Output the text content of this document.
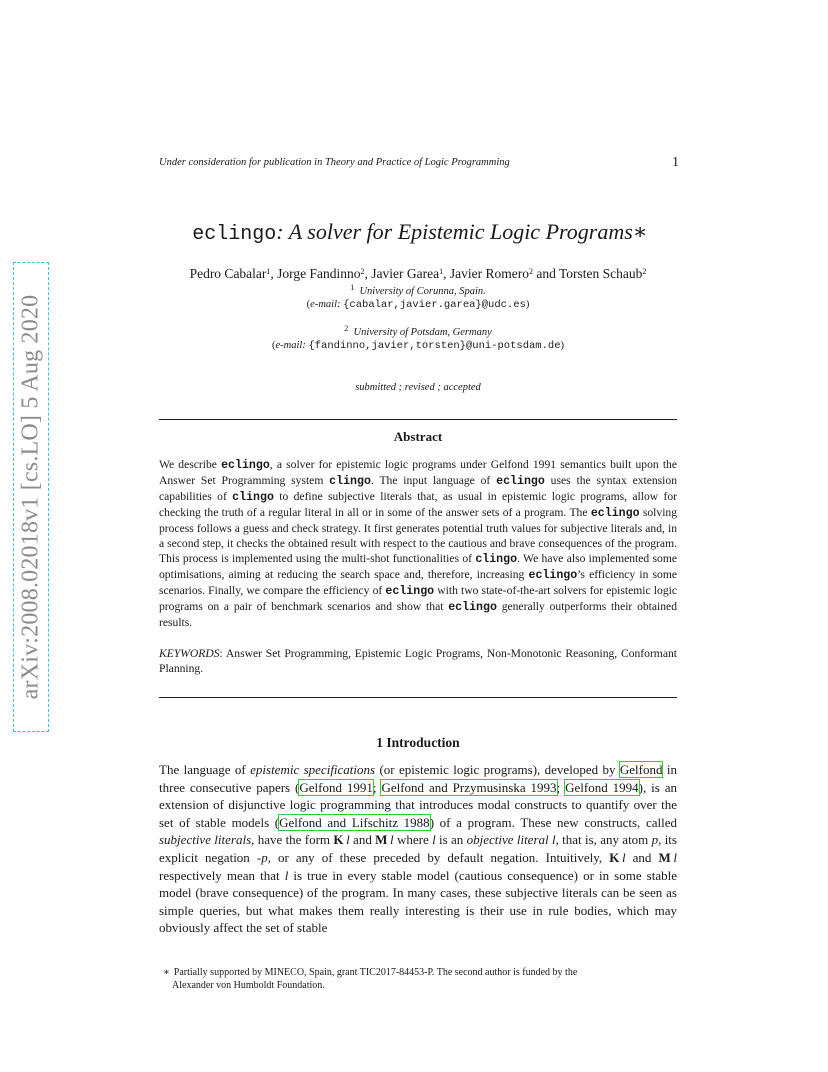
arXiv:2008.02018v1 [cs.LO] 5 Aug 2020
Under consideration for publication in Theory and Practice of Logic Programming	1
eclingo: A solver for Epistemic Logic Programs∗
Pedro Cabalar$^1$, Jorge Fandinno$^2$, Javier Garea$^1$, Javier Romero$^2$ and Torsten Schaub$^2$
$^1$ University of Corunna, Spain.
(e-mail: {cabalar,javier.garea}@udc.es)
$^2$ University of Potsdam, Germany
(e-mail: {fandinno,javier,torsten}@uni-potsdam.de)
submitted ; revised ; accepted
Abstract
We describe eclingo, a solver for epistemic logic programs under Gelfond 1991 semantics built upon the Answer Set Programming system clingo. The input language of eclingo uses the syntax extension capabilities of clingo to define subjective literals that, as usual in epistemic logic programs, allow for checking the truth of a regular literal in all or in some of the answer sets of a program. The eclingo solving process follows a guess and check strategy. It first generates potential truth values for subjective literals and, in a second step, it checks the obtained result with respect to the cautious and brave consequences of the program. This process is implemented using the multi-shot functionalities of clingo. We have also implemented some optimisations, aiming at reducing the search space and, therefore, increasing eclingo’s efficiency in some scenarios. Finally, we compare the efficiency of eclingo with two state-of-the-art solvers for epistemic logic programs on a pair of benchmark scenarios and show that eclingo generally outperforms their obtained results.
KEYWORDS: Answer Set Programming, Epistemic Logic Programs, Non-Monotonic Reasoning, Conformant Planning.
1 Introduction
The language of epistemic specifications (or epistemic logic programs), developed by Gelfond in three consecutive papers (Gelfond 1991; Gelfond and Przymusinska 1993; Gelfond 1994), is an extension of disjunctive logic programming that introduces modal constructs to quantify over the set of stable models (Gelfond and Lifschitz 1988) of a program. These new constructs, called subjective literals, have the form K  l and M  l where l is an objective literal l, that is, any atom p, its explicit negation -p, or any of these preceded by default negation. Intuitively, K  l and M  l respectively mean that l is true in every stable model (cautious consequence) or in some stable model (brave consequence) of the program. In many cases, these subjective literals can be seen as simple queries, but what makes them really interesting is their use in rule bodies, which may obviously affect the set of stable
∗ Partially supported by MINECO, Spain, grant TIC2017-84453-P. The second author is funded by the
Alexander von Humboldt Foundation.
